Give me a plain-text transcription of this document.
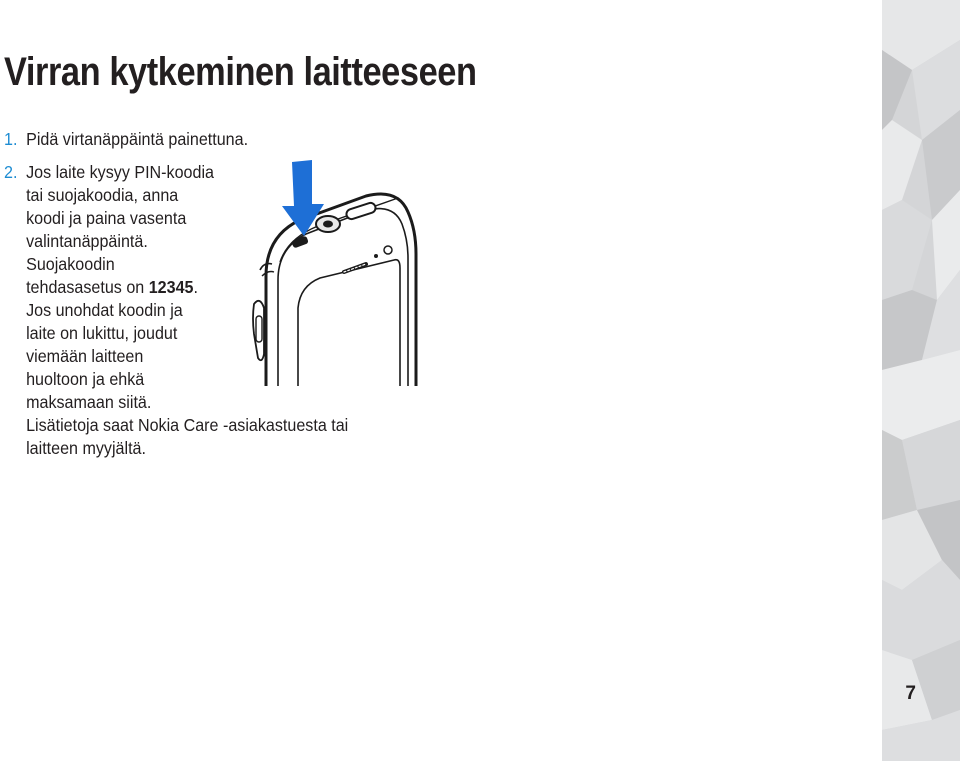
Virran kytkeminen laitteeseen
1. Pidä virtanäppäintä painettuna.
2. Jos laite kysyy PIN-koodia
tai suojakoodia, anna
koodi ja paina vasenta
valintanäppäintä.
Suojakoodin
tehdasasetus on 12345.
Jos unohdat koodin ja
laite on lukittu, joudut
viemään laitteen
huoltoon ja ehkä
maksamaan siitä.
Lisätietoja saat Nokia Care -asiakastuesta tai
laitteen myyjältä.
7
